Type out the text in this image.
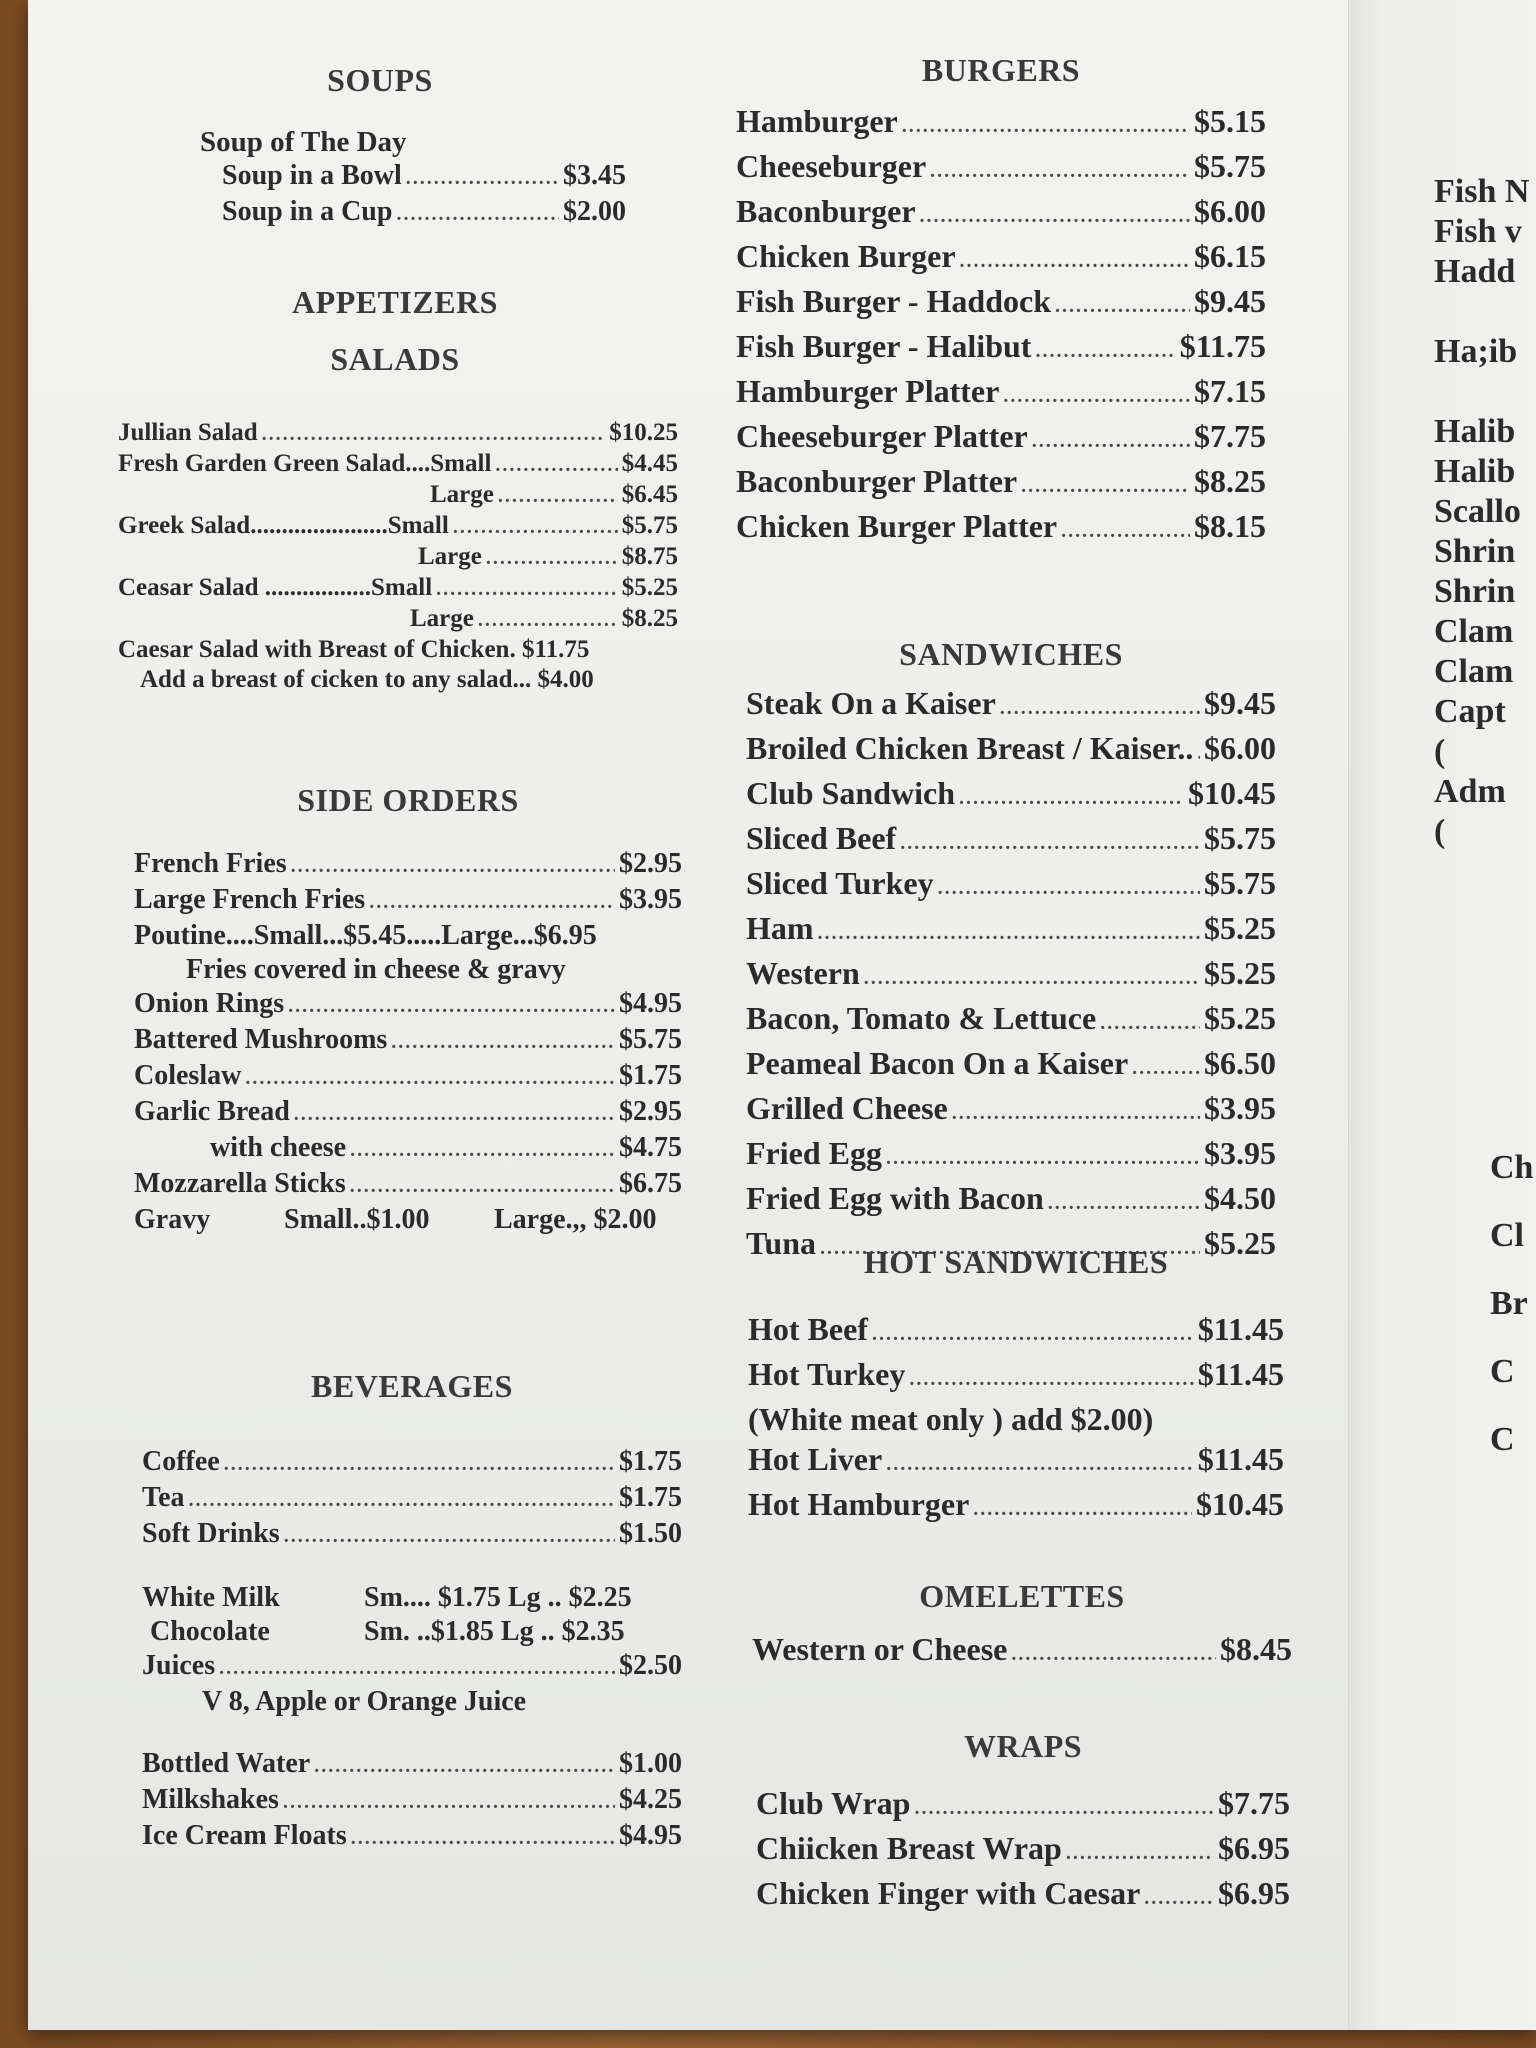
SOUPS
Soup of The Day
Soup in a Bowl .....	$3.45
Soup in a Cup .....	$2.00
APPETIZERS
SALADS
Jullian Salad .....	$10.25
Fresh Garden Green Salad....Small .....	$4.45
Large .....	$6.45
Greek Salad......................Small .....	$5.75
Large .....	$8.75
Ceasar Salad .................Small .....	$5.25
Large .....	$8.25
Caesar Salad with Breast of Chicken. $11.75
Add a breast of cicken to any salad... $4.00
SIDE ORDERS
French Fries .....	$2.95
Large French Fries .....	$3.95
Poutine....Small...$5.45.....Large...$6.95
Fries covered in cheese & gravy
Onion Rings .....	$4.95
Battered Mushrooms .....	$5.75
Coleslaw .....	$1.75
Garlic Bread .....	$2.95
with cheese .....	$4.75
Mozzarella Sticks .....	$6.75
Gravy	Small..$1.00	Large.,, $2.00
BEVERAGES
Coffee .....	$1.75
Tea .....	$1.75
Soft Drinks .....	$1.50
White Milk	Sm.... $1.75 Lg .. $2.25
Chocolate	Sm. ..$1.85 Lg .. $2.35
Juices .....	$2.50
V 8, Apple or Orange Juice
Bottled Water .....	$1.00
Milkshakes .....	$4.25
Ice Cream Floats .....	$4.95
BURGERS
Hamburger .....	$5.15
Cheeseburger .....	$5.75
Baconburger .....	$6.00
Chicken Burger .....	$6.15
Fish Burger - Haddock .....	$9.45
Fish Burger - Halibut .....	$11.75
Hamburger Platter .....	$7.15
Cheeseburger Platter .....	$7.75
Baconburger Platter .....	$8.25
Chicken Burger Platter .....	$8.15
SANDWICHES
Steak On a Kaiser .....	$9.45
Broiled Chicken Breast / Kaiser.. ..... $6.00
Club Sandwich .....	$10.45
Sliced Beef .....	$5.75
Sliced Turkey .....	$5.75
Ham .....	$5.25
Western .....	$5.25
Bacon, Tomato & Lettuce .....	$5.25
Peameal Bacon On a Kaiser ..... $6.50
Grilled Cheese .....	$3.95
Fried Egg .....	$3.95
Fried Egg with Bacon .....	$4.50
Tuna .....	$5.25
HOT SANDWICHES
Hot Beef .....	$11.45
Hot Turkey .....	$11.45
(White meat only ) add $2.00)
Hot Liver .....	$11.45
Hot Hamburger .....	$10.45
OMELETTES
Western or Cheese .....	$8.45
WRAPS
Club Wrap .....	$7.75
Chiicken Breast Wrap .....	$6.95
Chicken Finger with Caesar ..... $6.95
Fish N
Fish v
Hadd
Ha;ib
Halib
Halib
Scallo
Shrin
Shrin
Clam
Clam
Capt
(
Adm
(
Ch
Cl
Br
C
C
